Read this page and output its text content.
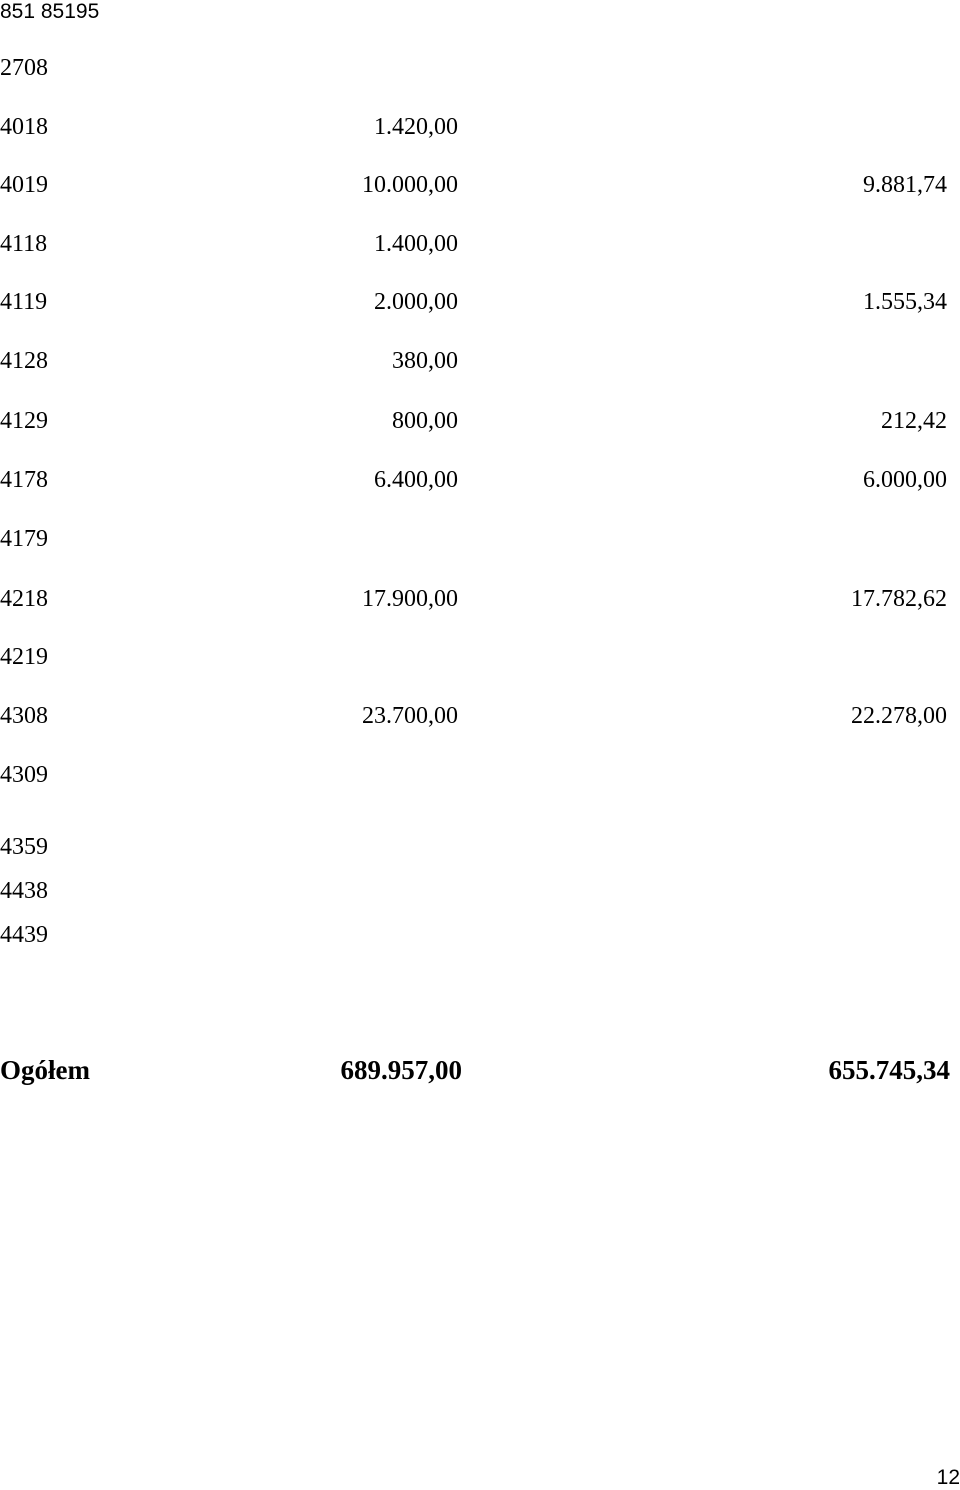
851 85195
2708
4018	1.420,00
4019	10.000,00	9.881,74
4118	1.400,00
4119	2.000,00	1.555,34
4128	380,00
4129	800,00	212,42
4178	6.400,00	6.000,00
4179
4218	17.900,00	17.782,62
4219
4308	23.700,00	22.278,00
4309
4359
4438
4439
Ogółem	689.957,00	655.745,34
12
